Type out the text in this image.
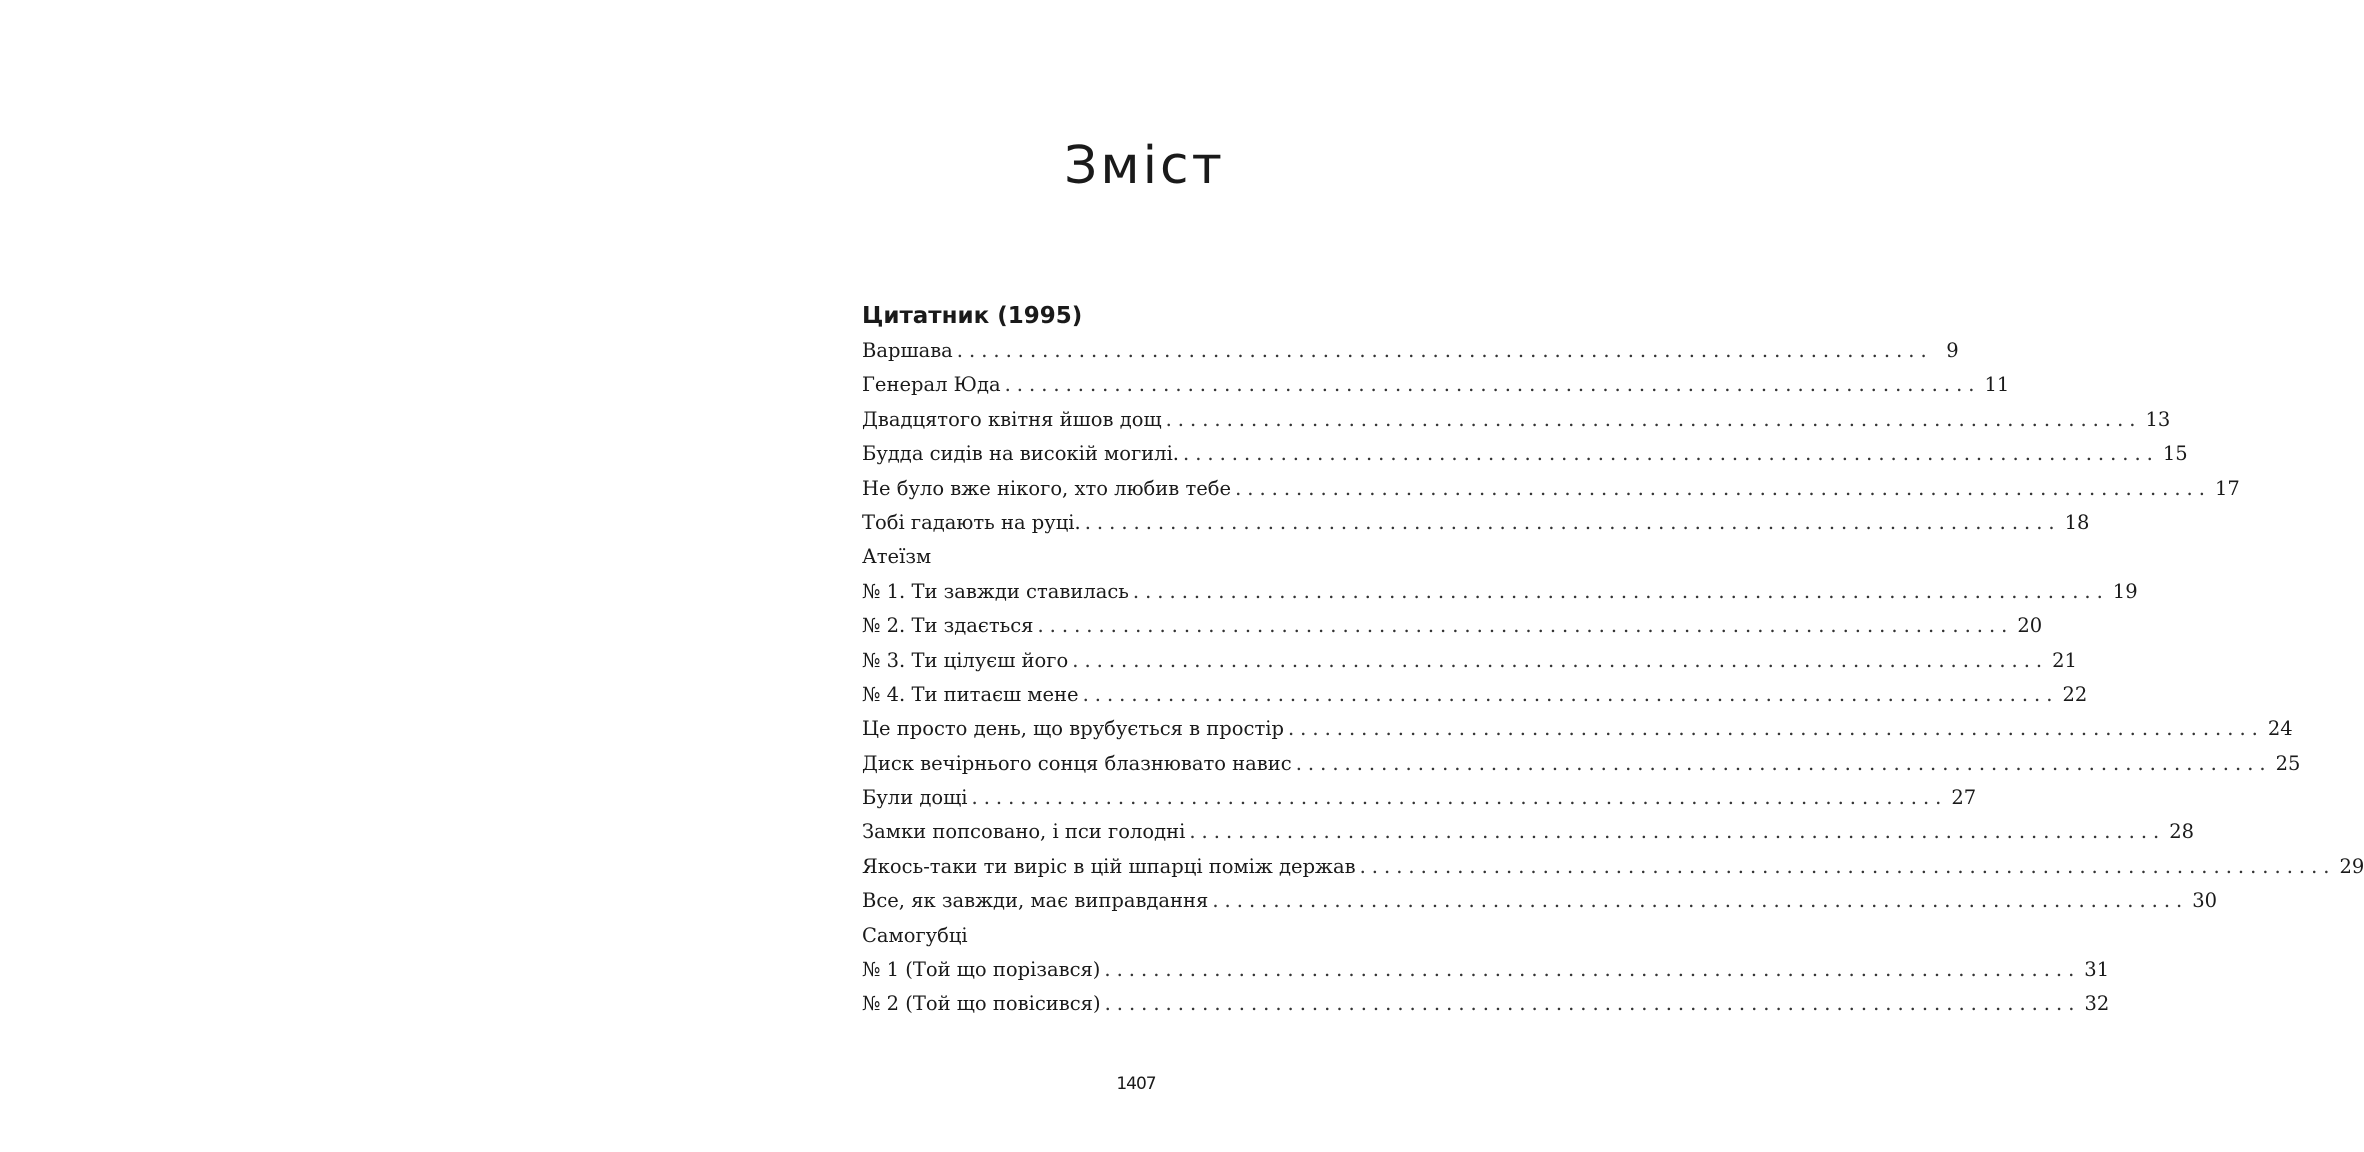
Зміст
Цитатник (1995)
Варшава ................................................................................ 9
Генерал Юда ................................................................................ 11
Двадцятого квітня йшов дощ ................................................................................ 13
Будда сидів на високій могилі. ................................................................................ 15
Не було вже нікого, хто любив тебе ................................................................................ 17
Тобі гадають на руці. ................................................................................ 18
Атеїзм
№ 1. Ти завжди ставилась ................................................................................ 19
№ 2. Ти здається ................................................................................ 20
№ 3. Ти цілуєш його ................................................................................ 21
№ 4. Ти питаєш мене ................................................................................ 22
Це просто день, що врубується в простір ................................................................................ 24
Диск вечірнього сонця блазнювато навис ................................................................................ 25
Були дощі ................................................................................ 27
Замки попсовано, і пси голодні ................................................................................ 28
Якось-таки ти виріс в цій шпарці поміж держав ................................................................................ 29
Все, як завжди, має виправдання ................................................................................ 30
Самогубці
№ 1 (Той що порізався) ................................................................................ 31
№ 2 (Той що повісився) ................................................................................ 32
1407
